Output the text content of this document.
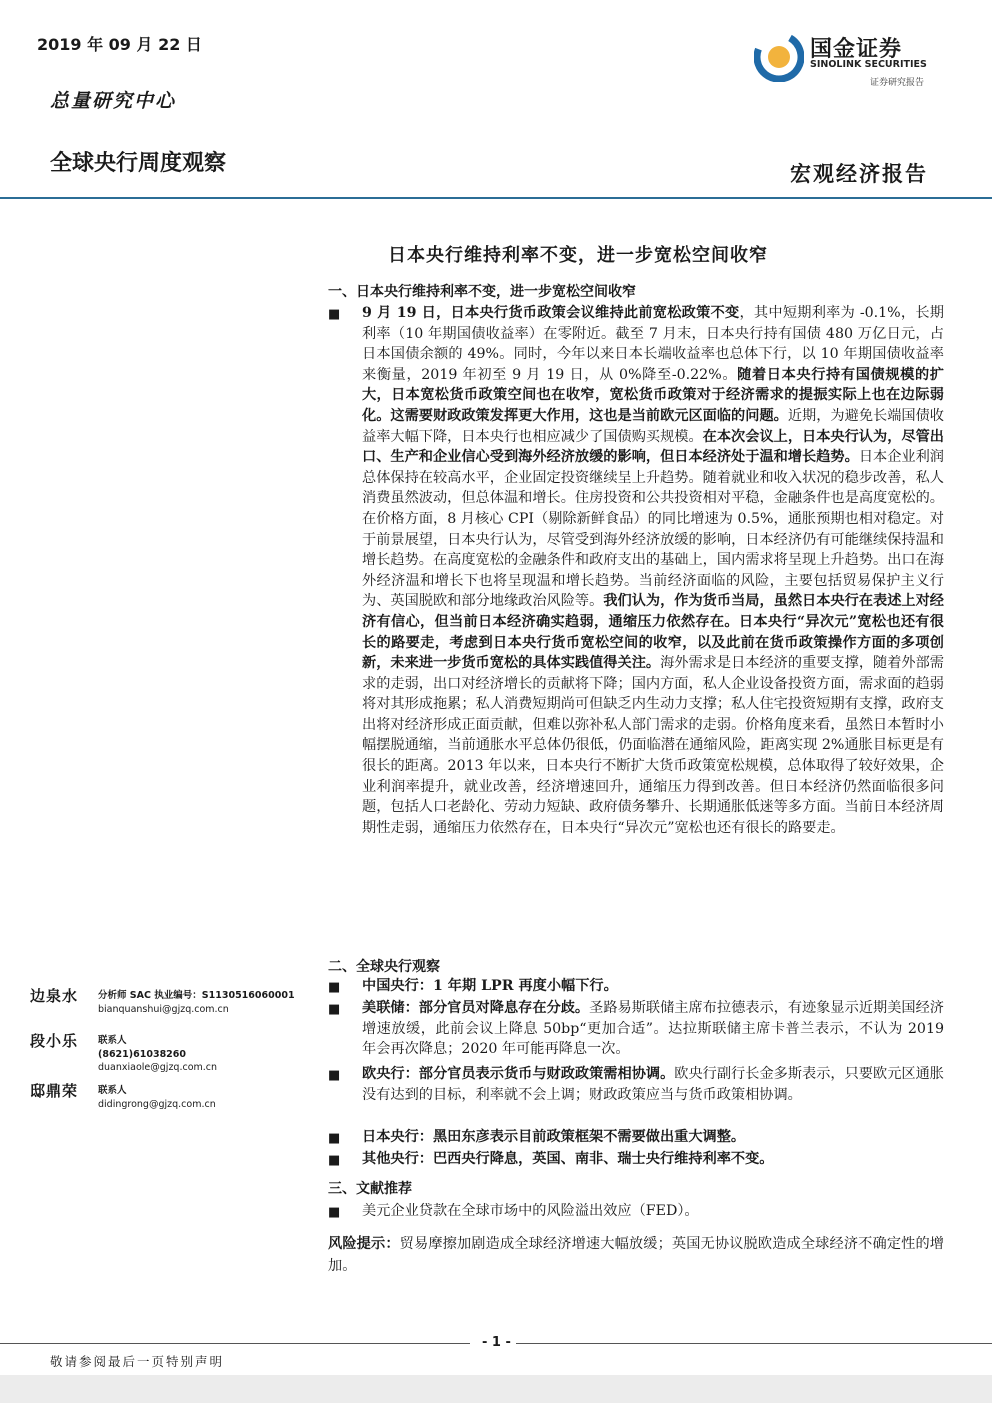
2019 年 09 月 22 日
总量研究中心
全球央行周度观察	宏观经济报告
国金证券
SINOLINK SECURITIES
证券研究报告
日本央行维持利率不变，进一步宽松空间收窄
一、日本央行维持利率不变，进一步宽松空间收窄
■ 9 月 19 日，日本央行货币政策会议维持此前宽松政策不变，其中短期利率为 -0.1%，长期利率（10 年期国债收益率）在零附近。截至 7 月末，日本央行持有国债 480 万亿日元，占日本国债余额的 49%。同时，今年以来日本长端收益率也总体下行，以 10 年期国债收益率来衡量，2019 年初至 9 月 19 日，从 0%降至-0.22%。随着日本央行持有国债规模的扩大，日本宽松货币政策空间也在收窄，宽松货币政策对于经济需求的提振实际上也在边际弱化。这需要财政政策发挥更大作用，这也是当前欧元区面临的问题。近期，为避免长端国债收益率大幅下降，日本央行也相应减少了国债购买规模。在本次会议上，日本央行认为，尽管出口、生产和企业信心受到海外经济放缓的影响，但日本经济处于温和增长趋势。日本企业利润总体保持在较高水平，企业固定投资继续呈上升趋势。随着就业和收入状况的稳步改善，私人消费虽然波动，但总体温和增长。住房投资和公共投资相对平稳，金融条件也是高度宽松的。在价格方面，8 月核心 CPI（剔除新鲜食品）的同比增速为 0.5%，通胀预期也相对稳定。对于前景展望，日本央行认为，尽管受到海外经济放缓的影响，日本经济仍有可能继续保持温和增长趋势。在高度宽松的金融条件和政府支出的基础上，国内需求将呈现上升趋势。出口在海外经济温和增长下也将呈现温和增长趋势。当前经济面临的风险，主要包括贸易保护主义行为、英国脱欧和部分地缘政治风险等。我们认为，作为货币当局，虽然日本央行在表述上对经济有信心，但当前日本经济确实趋弱，通缩压力依然存在。日本央行“异次元”宽松也还有很长的路要走，考虑到日本央行货币宽松空间的收窄，以及此前在货币政策操作方面的多项创新，未来进一步货币宽松的具体实践值得关注。海外需求是日本经济的重要支撑，随着外部需求的走弱，出口对经济增长的贡献将下降；国内方面，私人企业设备投资方面，需求面的趋弱将对其形成拖累；私人消费短期尚可但缺乏内生动力支撑；私人住宅投资短期有支撑，政府支出将对经济形成正面贡献，但难以弥补私人部门需求的走弱。价格角度来看，虽然日本暂时小幅摆脱通缩，当前通胀水平总体仍很低，仍面临潜在通缩风险，距离实现 2%通胀目标更是有很长的距离。2013 年以来，日本央行不断扩大货币政策宽松规模，总体取得了较好效果，企业利润率提升，就业改善，经济增速回升，通缩压力得到改善。但日本经济仍然面临很多问题，包括人口老龄化、劳动力短缺、政府债务攀升、长期通胀低迷等多方面。当前日本经济周期性走弱，通缩压力依然存在，日本央行“异次元”宽松也还有很长的路要走。
二、全球央行观察
■ 中国央行：1 年期 LPR 再度小幅下行。
■ 美联储：部分官员对降息存在分歧。圣路易斯联储主席布拉德表示，有迹象显示近期美国经济增速放缓，此前会议上降息 50bp“更加合适”。达拉斯联储主席卡普兰表示，不认为 2019 年会再次降息；2020 年可能再降息一次。
■ 欧央行：部分官员表示货币与财政政策需相协调。欧央行副行长金多斯表示，只要欧元区通胀没有达到的目标，利率就不会上调；财政政策应当与货币政策相协调。
■ 日本央行：黑田东彦表示目前政策框架不需要做出重大调整。
■ 其他央行：巴西央行降息，英国、南非、瑞士央行维持利率不变。
三、文献推荐
■ 美元企业贷款在全球市场中的风险溢出效应（FED）。
风险提示：贸易摩擦加剧造成全球经济增速大幅放缓；英国无协议脱欧造成全球经济不确定性的增加。
边泉水 分析师 SAC 执业编号：S1130516060001
bianquanshui@gjzq.com.cn
段小乐 联系人
(8621)61038260
duanxiaole@gjzq.com.cn
邸鼎荣 联系人
didingrong@gjzq.com.cn
- 1 -
敬请参阅最后一页特别声明
